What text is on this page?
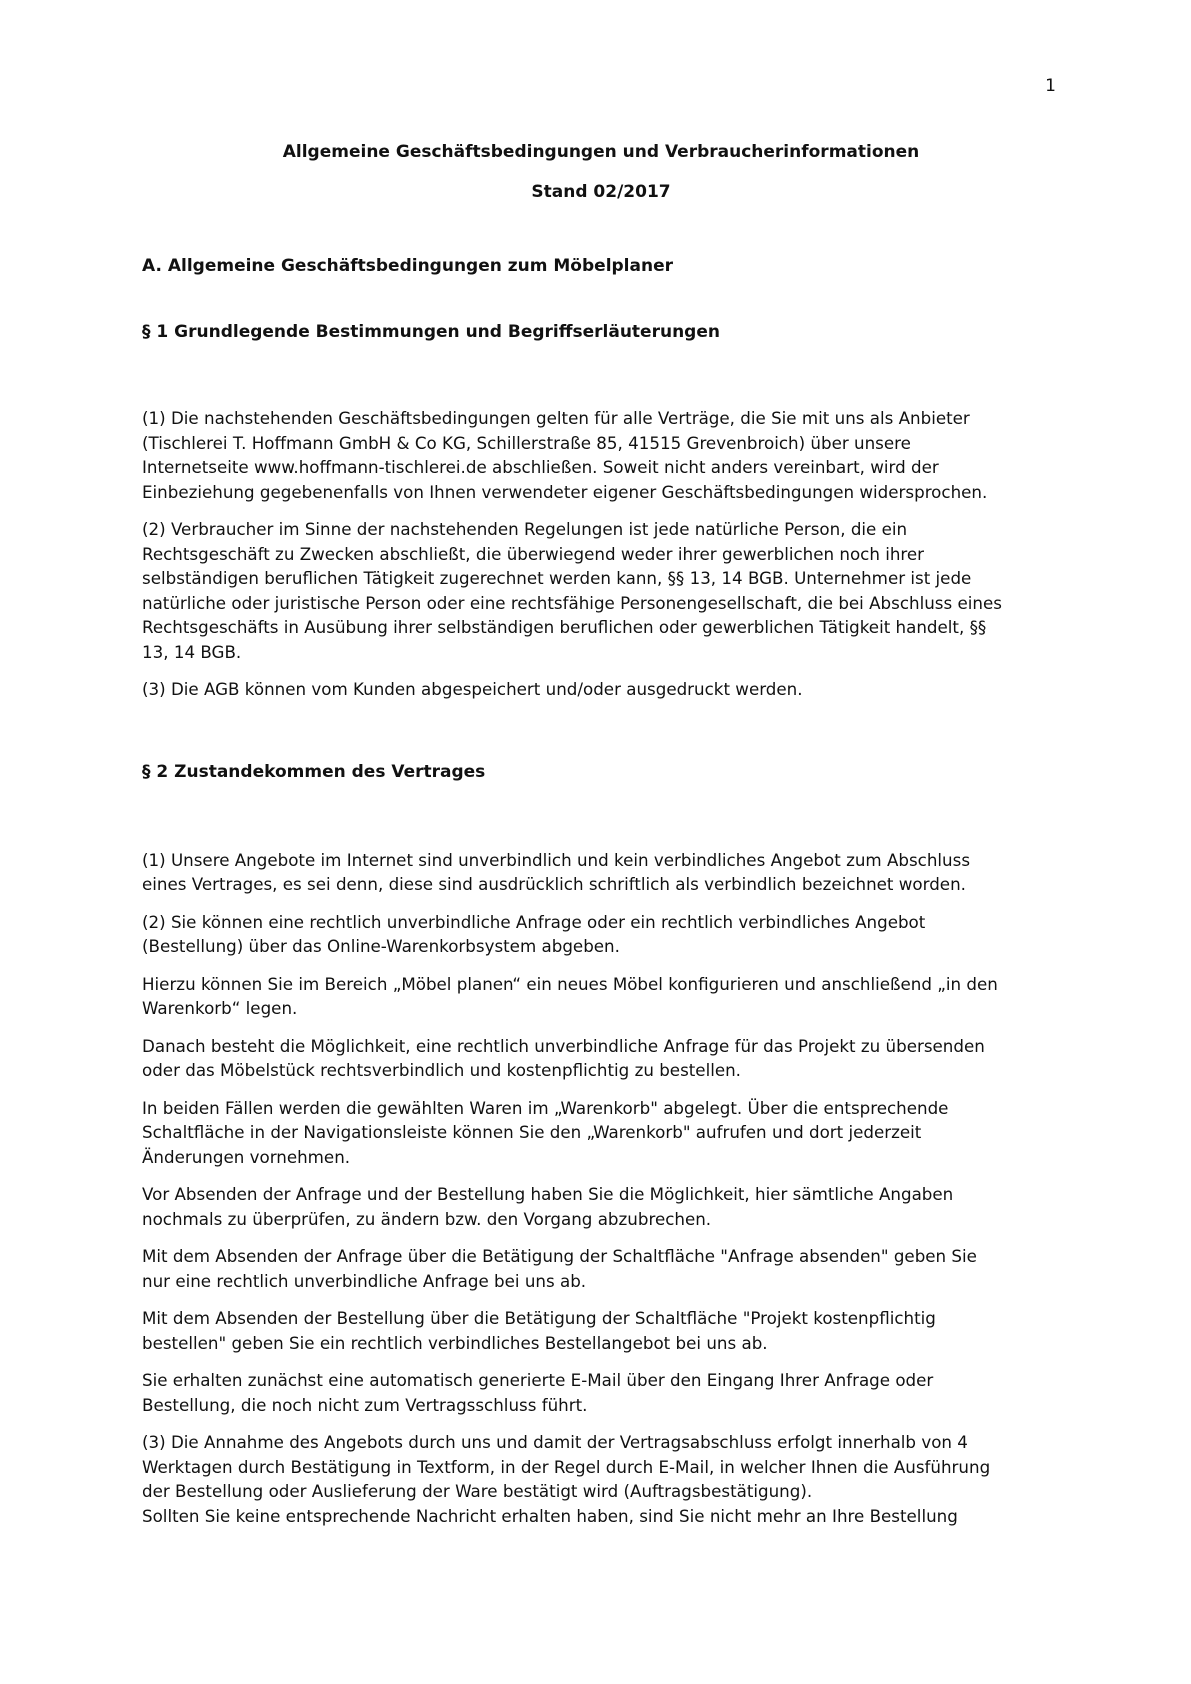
1

Allgemeine Geschäftsbedingungen und Verbraucherinformationen

Stand 02/2017

A. Allgemeine Geschäftsbedingungen zum Möbelplaner

§ 1 Grundlegende Bestimmungen und Begriffserläuterungen

(1) Die nachstehenden Geschäftsbedingungen gelten für alle Verträge, die Sie mit uns als Anbieter
(Tischlerei T. Hoffmann GmbH & Co KG, Schillerstraße 85, 41515 Grevenbroich) über unsere
Internetseite www.hoffmann-tischlerei.de abschließen. Soweit nicht anders vereinbart, wird der
Einbeziehung gegebenenfalls von Ihnen verwendeter eigener Geschäftsbedingungen widersprochen.

(2) Verbraucher im Sinne der nachstehenden Regelungen ist jede natürliche Person, die ein
Rechtsgeschäft zu Zwecken abschließt, die überwiegend weder ihrer gewerblichen noch ihrer
selbständigen beruflichen Tätigkeit zugerechnet werden kann, §§ 13, 14 BGB. Unternehmer ist jede
natürliche oder juristische Person oder eine rechtsfähige Personengesellschaft, die bei Abschluss eines
Rechtsgeschäfts in Ausübung ihrer selbständigen beruflichen oder gewerblichen Tätigkeit handelt, §§
13, 14 BGB.

(3) Die AGB können vom Kunden abgespeichert und/oder ausgedruckt werden.

§ 2 Zustandekommen des Vertrages

(1) Unsere Angebote im Internet sind unverbindlich und kein verbindliches Angebot zum Abschluss
eines Vertrages, es sei denn, diese sind ausdrücklich schriftlich als verbindlich bezeichnet worden.

(2) Sie können eine rechtlich unverbindliche Anfrage oder ein rechtlich verbindliches Angebot
(Bestellung) über das Online-Warenkorbsystem abgeben.

Hierzu können Sie im Bereich „Möbel planen“ ein neues Möbel konfigurieren und anschließend „in den
Warenkorb“ legen.

Danach besteht die Möglichkeit, eine rechtlich unverbindliche Anfrage für das Projekt zu übersenden
oder das Möbelstück rechtsverbindlich und kostenpflichtig zu bestellen.

In beiden Fällen werden die gewählten Waren im „Warenkorb" abgelegt. Über die entsprechende
Schaltfläche in der Navigationsleiste können Sie den „Warenkorb" aufrufen und dort jederzeit
Änderungen vornehmen.

Vor Absenden der Anfrage und der Bestellung haben Sie die Möglichkeit, hier sämtliche Angaben
nochmals zu überprüfen, zu ändern bzw. den Vorgang abzubrechen.

Mit dem Absenden der Anfrage über die Betätigung der Schaltfläche "Anfrage absenden" geben Sie
nur eine rechtlich unverbindliche Anfrage bei uns ab.

Mit dem Absenden der Bestellung über die Betätigung der Schaltfläche "Projekt kostenpflichtig
bestellen" geben Sie ein rechtlich verbindliches Bestellangebot bei uns ab.

Sie erhalten zunächst eine automatisch generierte E-Mail über den Eingang Ihrer Anfrage oder
Bestellung, die noch nicht zum Vertragsschluss führt.

(3) Die Annahme des Angebots durch uns und damit der Vertragsabschluss erfolgt innerhalb von 4
Werktagen durch Bestätigung in Textform, in der Regel durch E-Mail, in welcher Ihnen die Ausführung
der Bestellung oder Auslieferung der Ware bestätigt wird (Auftragsbestätigung).

Sollten Sie keine entsprechende Nachricht erhalten haben, sind Sie nicht mehr an Ihre Bestellung
